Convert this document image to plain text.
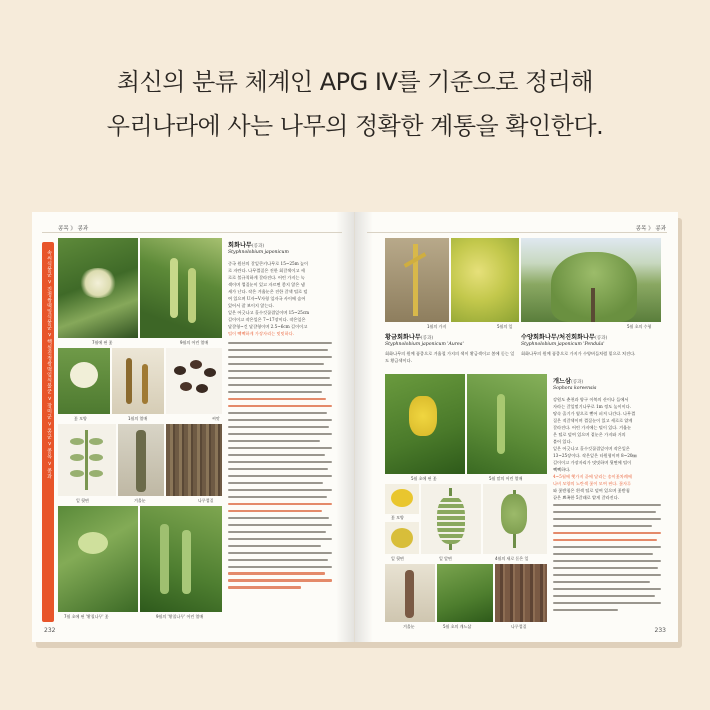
최신의 분류 체계인 APG IV를 기준으로 정리해
우리나라에 사는 나무의 정확한 계통을 확인한다.
콩목 》 콩과
속씨식물군 > 진정쌍떡잎식물군 > 핵심진정쌍떡잎식물군 > 장미군 > 콩군 > 콩목 > 콩과	7월에 핀 꽃	9월의 어린 열매
꽃 모양	1월의 열매	씨앗
잎 뒷면	겨울눈	나무껍질
7월 초에 핀 '황칠나무' 꽃	9월의 '황칠나무' 어린 열매
회화나무(콩과)
Styphnolobium japonicum

중국 원산의 갈잎큰키나무로 15~25m 높이

로 자란다. 나무껍질은 진한 회갈색이고 세

로로 불규칙하게 갈라진다. 어린 가지는 녹

색이며 껍질눈이 있고 자르면 좋지 않은 냄

새가 난다. 작은 겨울눈은 진한 갈색 털로 덮

여 있으며 U자~V자형 잎자국 사이에 숨어

있어서 잘 보이지 않는다.

잎은 어긋나고 홀수깃꼴겹잎이며 15~25cm

길이이고 작은잎은 7~17장이다. 작은잎은

달걀형~긴 달걀형이며 2.5~6cm 길이이고

털이 빽빽하게 가장자리는 밋밋하다.

232
콩목 》 콩과
1월의 가지	5월의 잎	5월 초의 수형
황금회화나무(콩과)
Styphnolobium japonicum 'Aurea'
회화나무의 원예 품종으로 겨울철 가지의 색이 황금색이고 봄에 돋는 잎도 황금색이다.
수양회화나무/처진회화나무(콩과)
Styphnolobium japonicum 'Pendula'
회화나무의 원예 품종으로 가지가 수양버들처럼 밑으로 처진다.
5월 초에 핀 꽃	5월 말의 어린 열매
꽃 모양
잎 뒷면	잎 앞면	4월의 새로 돋은 잎
겨울눈	5월 초의 개느삼	나무껍질
개느삼(콩과)
Sophora koreensis

강원도 춘천과 양구 이북의 산이나 들에서

자라는 갈잎떨기나무로 1m 정도 높이이다.

땅속 줄기가 옆으로 뻗어 퍼져 나간다. 나무껍

질은 적갈색이며 껍질눈이 있고 세로로 얕게

갈라진다. 어린 가지에는 털이 있다. 겨울눈

은 털로 덮여 있으며 곁눈은 가지와 거의

붙어 있다.

잎은 어긋나고 홀수깃꼴겹잎이며 작은잎은

13~25장이다. 작은잎은 타원형이며 8~20㎜

길이이고 가장자리가 밋밋하며 뒷면에 털이

빽빽하다.

4~5월에 햇가지 끝에 달리는 송이꽃차례에

나비 모양의 노란색 꽃이 모여 핀다. 꽃자루

와 꽃받침은 흰색 털로 덮여 있으며 꽃받침

끝은 뾰족한 5갈래로 얕게 갈라진다.

233
